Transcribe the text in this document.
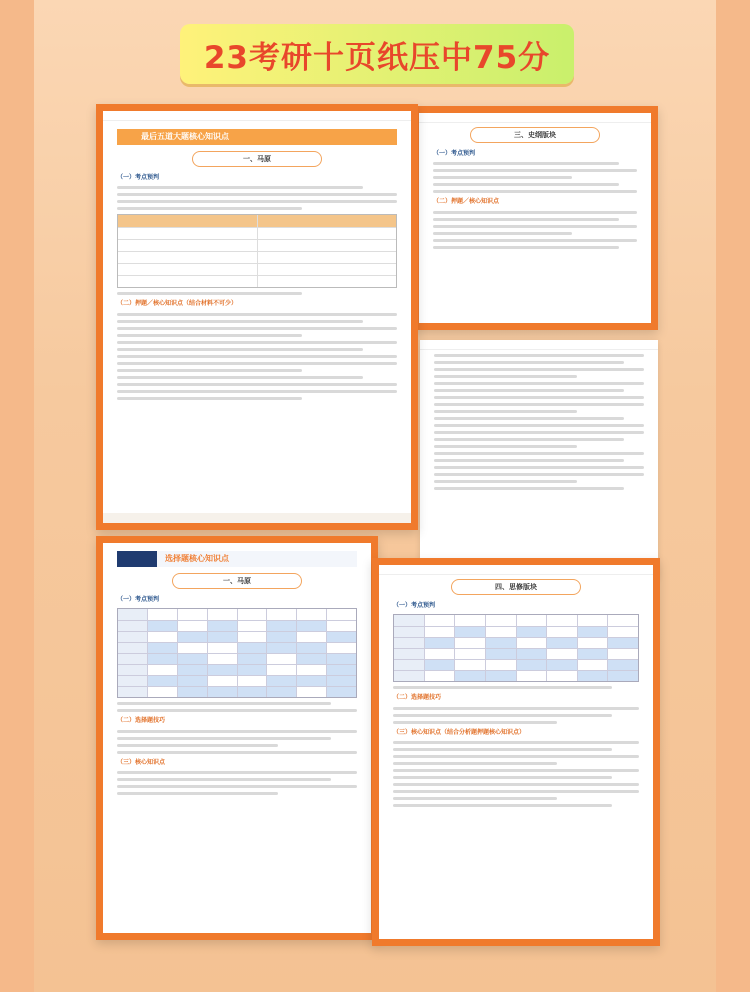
23考研十页纸压中75分
三、史纲版块
（一）考点预判
（二）押题／核心知识点
最后五道大题核心知识点
一、马原
（一）考点预判
（二）押题／核心知识点（结合材料不可少）
选择题核心知识点
一、马原
（一）考点预判
（二）选择题技巧
（三）核心知识点
四、思修版块
（一）考点预判
（二）选择题技巧
（三）核心知识点（结合分析题押题核心知识点）
